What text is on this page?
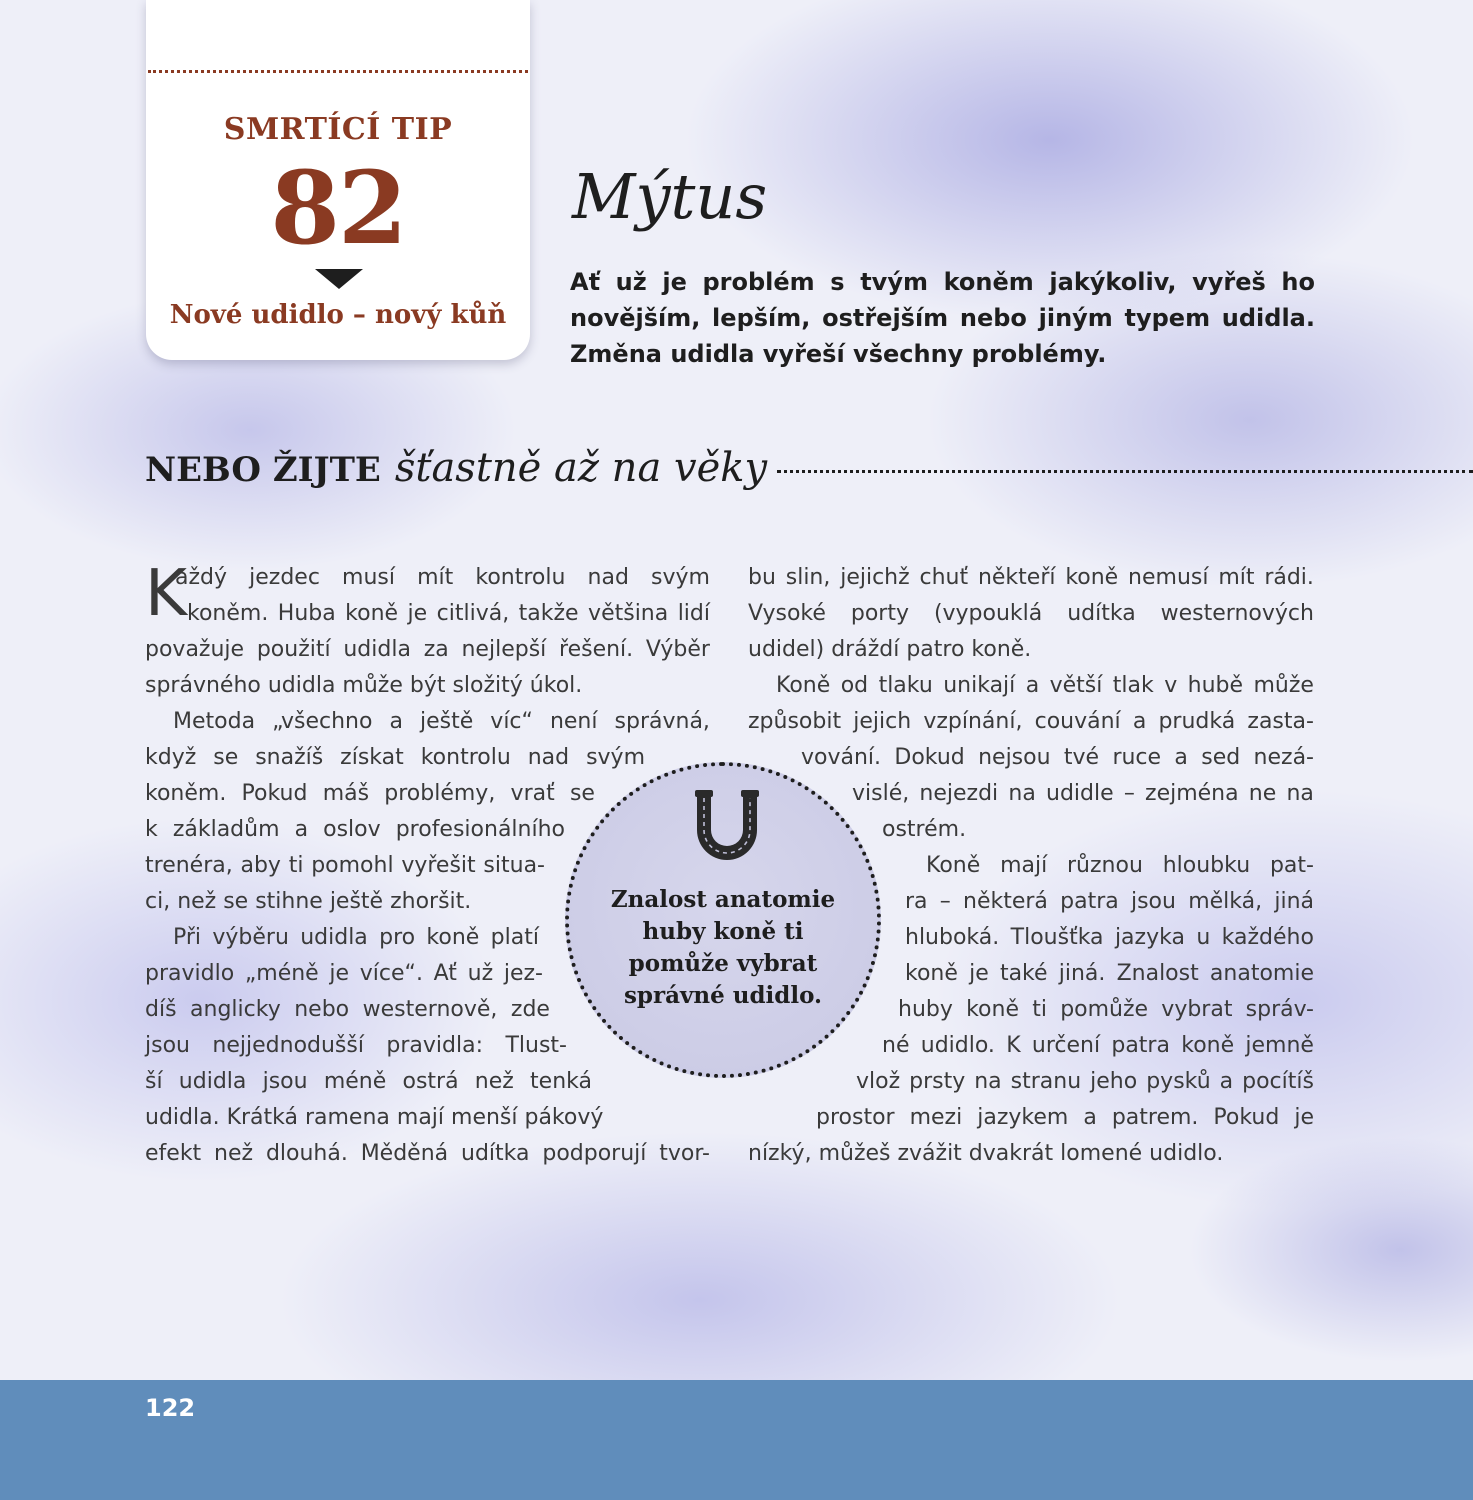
SMRTÍCÍ TIP
82
Nové udidlo – nový kůň
Mýtus
Ať už je problém s tvým koněm jakýkoliv, vyřeš ho novějším, lepším, ostřejším nebo jiným typem udidla. Změna udidla vyřeší všechny problémy.
NEBO ŽIJTE šťastně až na věky
K
aždý jezdec musí mít kontrolu nad svým
koněm. Huba koně je citlivá, takže většina lidí
považuje použití udidla za nejlepší řešení. Výběr
správného udidla může být složitý úkol.
Metoda „všechno a ještě víc“ není správná,
když se snažíš získat kontrolu nad svým
koněm. Pokud máš problémy, vrať se
k základům a oslov profesionálního
trenéra, aby ti pomohl vyřešit situa-
ci, než se stihne ještě zhoršit.
Při výběru udidla pro koně platí
pravidlo „méně je více“. Ať už jez-
díš anglicky nebo westernově, zde
jsou nejjednodušší pravidla: Tlust-
ší udidla jsou méně ostrá než tenká
udidla. Krátká ramena mají menší pákový
efekt než dlouhá. Měděná udítka podporují tvor-
bu slin, jejichž chuť někteří koně nemusí mít rádi.
Vysoké porty (vypouklá udítka westernových
udidel) dráždí patro koně.
Koně od tlaku unikají a větší tlak v hubě může
způsobit jejich vzpínání, couvání a prudká zasta-
vování. Dokud nejsou tvé ruce a sed nezá-
vislé, nejezdi na udidle – zejména ne na
ostrém.
Koně mají různou hloubku pat-
ra – některá patra jsou mělká, jiná
hluboká. Tloušťka jazyka u každého
koně je také jiná. Znalost anatomie
huby koně ti pomůže vybrat správ-
né udidlo. K určení patra koně jemně
vlož prsty na stranu jeho pysků a pocítíš
prostor mezi jazykem a patrem. Pokud je
nízký, můžeš zvážit dvakrát lomené udidlo.
Znalost anatomie huby koně ti pomůže vybrat správné udidlo.
122
